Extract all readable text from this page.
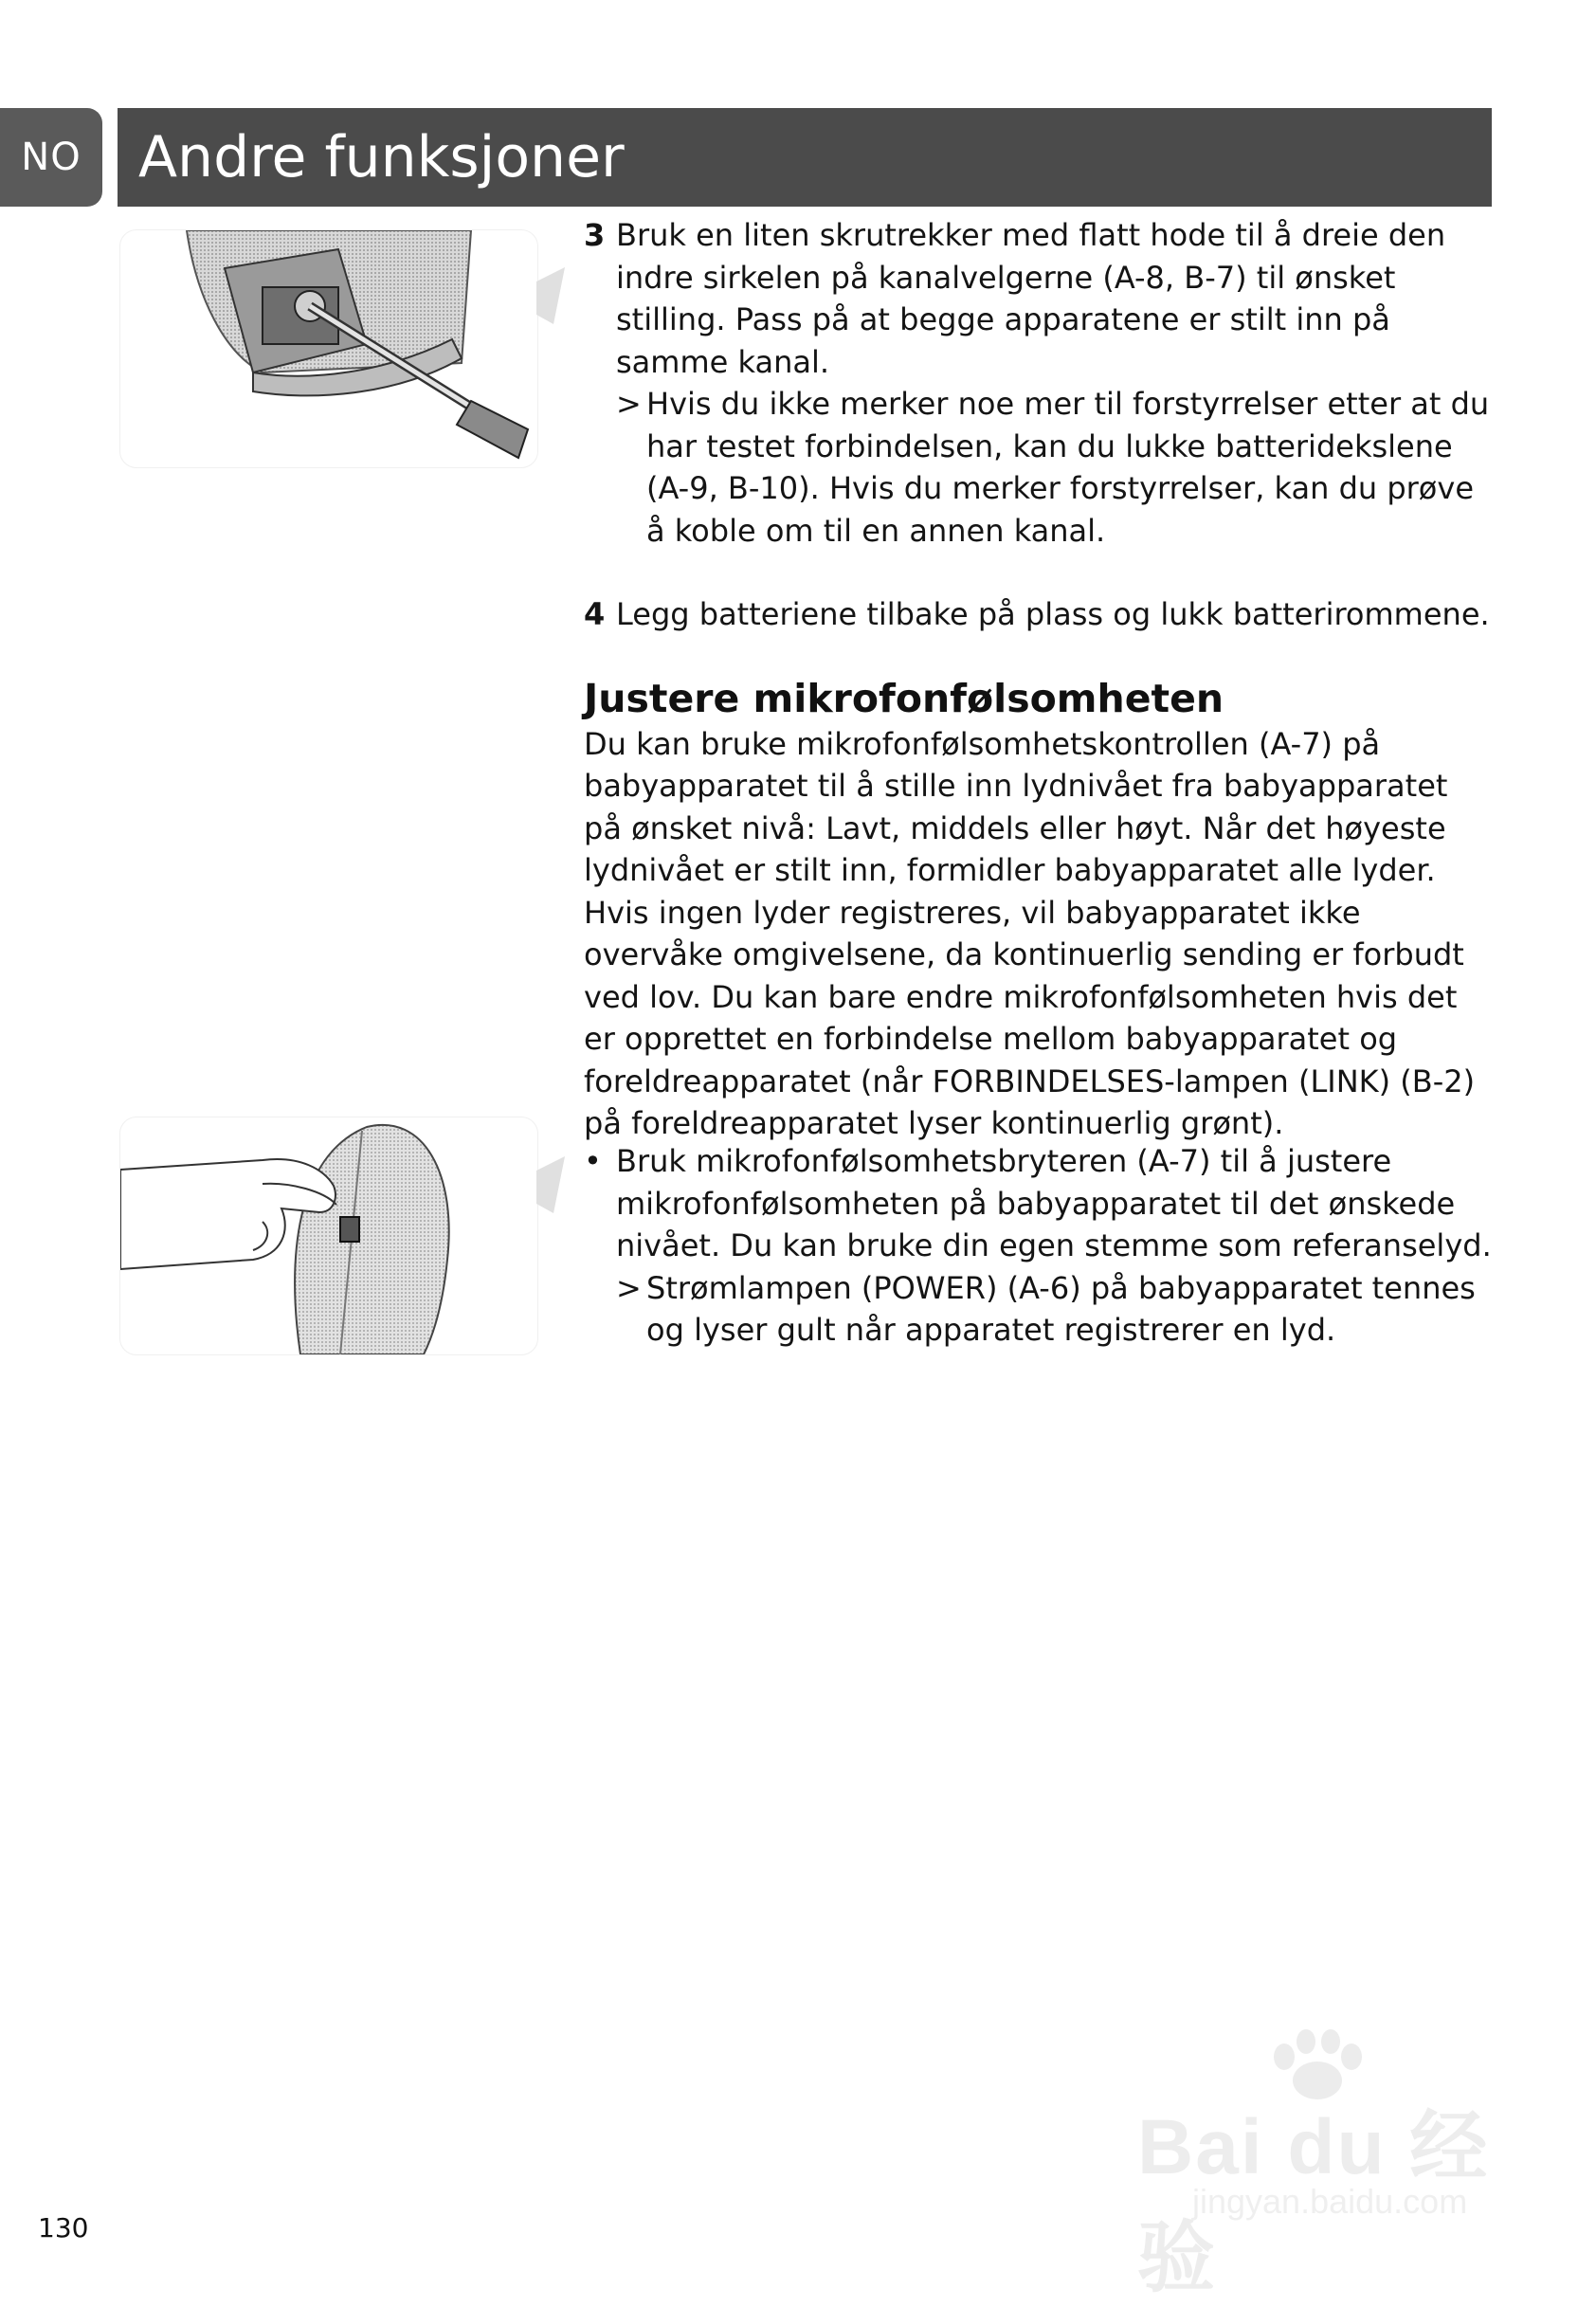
NO	Andre funksjoner
3 Bruk en liten skrutrekker med flatt hode til å dreie den indre sirkelen på kanalvelgerne (A-8, B-7) til ønsket stilling. Pass på at begge apparatene er stilt inn på samme kanal.
> Hvis du ikke merker noe mer til forstyrrelser etter at du har testet forbindelsen, kan du lukke batteridekslene (A-9, B-10). Hvis du merker forstyrrelser, kan du prøve å koble om til en annen kanal.
4 Legg batteriene tilbake på plass og lukk batterirommene.
Justere mikrofonfølsomheten

Du kan bruke mikrofonfølsomhetskontrollen (A-7) på babyapparatet til å stille inn lydnivået fra babyapparatet på ønsket nivå: Lavt, middels eller høyt. Når det høyeste lydnivået er stilt inn, formidler babyapparatet alle lyder. Hvis ingen lyder registreres, vil babyapparatet ikke overvåke omgivelsene, da kontinuerlig sending er forbudt ved lov. Du kan bare endre mikrofonfølsomheten hvis det er opprettet en forbindelse mellom babyapparatet og foreldreapparatet (når FORBINDELSES-lampen (LINK) (B-2) på foreldreapparatet lyser kontinuerlig grønt).

• Bruk mikrofonfølsomhetsbryteren (A-7) til å justere mikrofonfølsomheten på babyapparatet til det ønskede nivået. Du kan bruke din egen stemme som referanselyd.
> Strømlampen (POWER) (A-6) på babyapparatet tennes og lyser gult når apparatet registrerer en lyd.
130
Bai du 经验
jingyan.baidu.com
